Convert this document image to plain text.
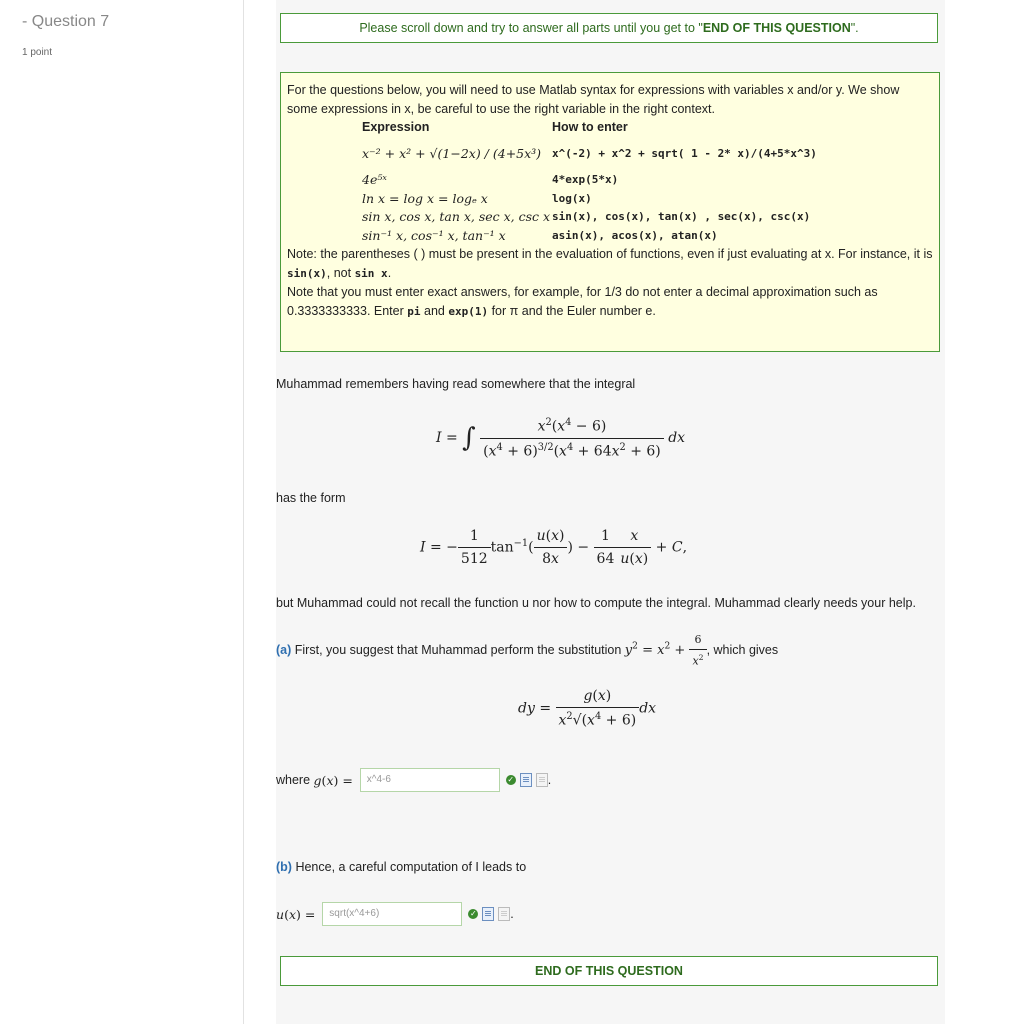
- Question 7
1 point
Please scroll down and try to answer all parts until you get to " END OF THIS QUESTION ".
For the questions below, you will need to use Matlab syntax for expressions with variables x and/or y. We show some expressions in x, be careful to use the right variable in the right context.
Expression	How to enter
x⁻² + x² + √(1−2x) / (4+5x³)	x^(-2) + x^2 + sqrt( 1 - 2* x)/(4+5*x^3)
4e⁵ˣ	4*exp(5*x)
ln x = log x = logₑ x	log(x)
sin x, cos x, tan x, sec x, csc x	sin(x), cos(x), tan(x) , sec(x), csc(x)
sin⁻¹ x, cos⁻¹ x, tan⁻¹ x	asin(x), acos(x), atan(x)
Note: the parentheses ( ) must be present in the evaluation of functions, even if just evaluating at x. For instance, it is sin(x), not sin x.
Note that you must enter exact answers, for example, for 1/3 do not enter a decimal approximation such as 0.3333333333. Enter pi and exp(1) for π and the Euler number e.
Muhammad remembers having read somewhere that the integral
I = ∫ $\frac{x^2(x^4 - 6)}{(x^4 + 6)^{3/2}(x^4 + 64x^2 + 6)}$ dx
has the form
I = − $\frac{1}{512} \tan^{-1}( \frac{u(x)}{8x}$ ) − $\frac{1}{64} \frac{x}{u(x)} + C$,
but Muhammad could not recall the function u nor how to compute the integral. Muhammad clearly needs your help.
(a)
First, you suggest that Muhammad perform the substitution
$y^2 = x^2 + \frac{6}{x^2}$ , which gives
dy = $\frac{g(x)}{x^2√(x^4 + 6)}$ dx
where
g(x) =
	x^4-6	✓	.
(b)
Hence, a careful computation of I leads to
u(x) =
	sqrt(x^4+6)	✓	.
END OF THIS QUESTION
